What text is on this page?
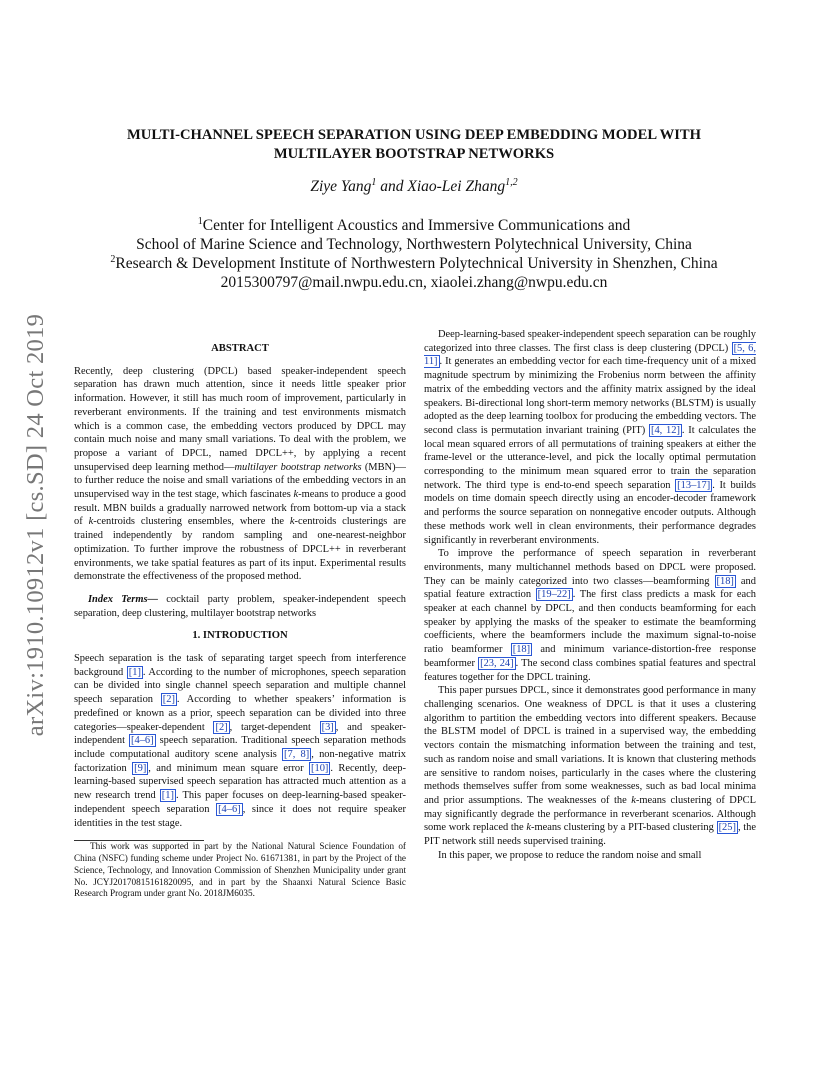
arXiv:1910.10912v1 [cs.SD] 24 Oct 2019
MULTI-CHANNEL SPEECH SEPARATION USING DEEP EMBEDDING MODEL WITH
MULTILAYER BOOTSTRAP NETWORKS
Ziye Yang$^1$ and Xiao-Lei Zhang$^{1,2}$
$^1$Center for Intelligent Acoustics and Immersive Communications and
School of Marine Science and Technology, Northwestern Polytechnical University, China
$^2$Research & Development Institute of Northwestern Polytechnical University in Shenzhen, China
2015300797@mail.nwpu.edu.cn, xiaolei.zhang@nwpu.edu.cn
ABSTRACT

Recently, deep clustering (DPCL) based speaker-independent speech separation has drawn much attention, since it needs little speaker prior information. However, it still has much room of improvement, particularly in reverberant environments. If the training and test environments mismatch which is a common case, the embedding vectors produced by DPCL may contain much noise and many small variations. To deal with the problem, we propose a variant of DPCL, named DPCL++, by applying a recent unsupervised deep learning method—multilayer bootstrap networks (MBN)—to further reduce the noise and small variations of the embedding vectors in an unsupervised way in the test stage, which fascinates k-means to produce a good result. MBN builds a gradually narrowed network from bottom-up via a stack of k-centroids clustering ensembles, where the k-centroids clusterings are trained independently by random sampling and one-nearest-neighbor optimization. To further improve the robustness of DPCL++ in reverberant environments, we take spatial features as part of its input. Experimental results demonstrate the effectiveness of the proposed method.

Index Terms— cocktail party problem, speaker-independent speech separation, deep clustering, multilayer bootstrap networks

1. INTRODUCTION

Speech separation is the task of separating target speech from interference background [1] . According to the number of microphones, speech separation can be divided into single channel speech separation and multiple channel speech separation [2] . According to whether speakers’ information is predefined or known as a prior, speech separation can be divided into three categories—speaker-dependent [2] , target-dependent [3] , and speaker-independent [4–6] speech separation. Traditional speech separation methods include computational auditory scene analysis [7, 8] , non-negative matrix factorization [9] , and minimum mean square error [10] . Recently, deep-learning-based supervised speech separation has attracted much attention as a new research trend [1] . This paper focuses on deep-learning-based speaker-independent speech separation [4–6] , since it does not require speaker identities in the test stage.

This work was supported in part by the National Natural Science Foundation of China (NSFC) funding scheme under Project No. 61671381, in part by the Project of the Science, Technology, and Innovation Commission of Shenzhen Municipality under grant No. JCYJ20170815161820095, and in part by the Shaanxi Natural Science Basic Research Program under grant No. 2018JM6035.

Deep-learning-based speaker-independent speech separation can be roughly categorized into three classes. The first class is deep clustering (DPCL) [5, 6, 11] . It generates an embedding vector for each time-frequency unit of a mixed magnitude spectrum by minimizing the Frobenius norm between the affinity matrix of the embedding vectors and the affinity matrix assigned by the ideal speakers. Bi-directional long short-term memory networks (BLSTM) is usually adopted as the deep learning toolbox for producing the embedding vectors. The second class is permutation invariant training (PIT) [4, 12] . It calculates the local mean squared errors of all permutations of training speakers at either the frame-level or the utterance-level, and pick the locally optimal permutation corresponding to the minimum mean squared error to train the separation network. The third type is end-to-end speech separation [13–17] . It builds models on time domain speech directly using an encoder-decoder framework and performs the source separation on nonnegative encoder outputs. Although these methods work well in clean environments, their performance degrades significantly in reverberant environments.

To improve the performance of speech separation in reverberant environments, many multichannel methods based on DPCL were proposed. They can be mainly categorized into two classes—beamforming [18] and spatial feature extraction [19–22] . The first class predicts a mask for each speaker at each channel by DPCL, and then conducts beamforming for each speaker by applying the masks of the speaker to estimate the beamforming coefficients, where the beamformers include the maximum signal-to-noise ratio beamformer [18] and minimum variance-distortion-free response beamformer [23, 24] . The second class combines spatial features and spectral features together for the DPCL training.

This paper pursues DPCL, since it demonstrates good performance in many challenging scenarios. One weakness of DPCL is that it uses a clustering algorithm to partition the embedding vectors into different speakers. Because the BLSTM model of DPCL is trained in a supervised way, the embedding vectors contain the mismatching information between the training and test, such as random noise and small variations. It is known that clustering methods are sensitive to random noises, particularly in the cases where the clustering methods themselves suffer from some weaknesses, such as bad local minima and prior assumptions. The weaknesses of the k-means clustering of DPCL may significantly degrade the performance in reverberant scenarios. Although some work replaced the k-means clustering by a PIT-based clustering [25] , the PIT network still needs supervised training.

In this paper, we propose to reduce the random noise and small
